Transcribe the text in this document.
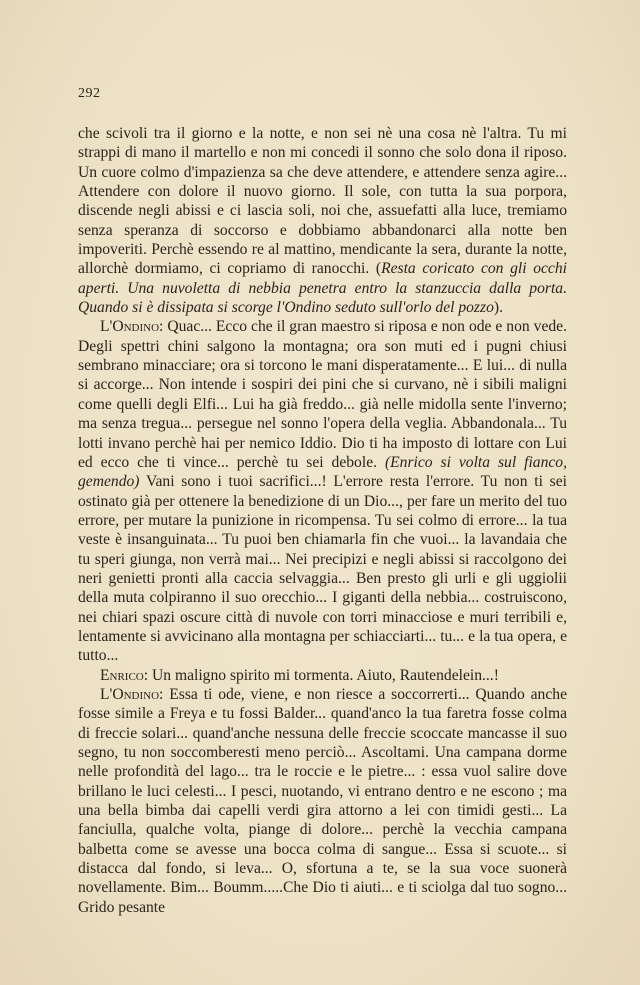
292

che scivoli tra il giorno e la notte, e non sei nè una cosa nè l'altra. Tu mi strappi di mano il martello e non mi concedi il sonno che solo dona il riposo. Un cuore colmo d'impazienza sa che deve attendere, e attendere senza agire... Attendere con dolore il nuovo giorno. Il sole, con tutta la sua porpora, discende negli abissi e ci lascia soli, noi che, assuefatti alla luce, tremiamo senza speranza di soccorso e dobbiamo abbandonarci alla notte ben impoveriti. Perchè essendo re al mattino, mendicante la sera, durante la notte, allorchè dormiamo, ci copriamo di ranocchi. (Resta coricato con gli occhi aperti. Una nuvoletta di nebbia penetra entro la stanzuccia dalla porta. Quando si è dissipata si scorge l'Ondino seduto sull'orlo del pozzo).

L'Ondino: Quac... Ecco che il gran maestro si riposa e non ode e non vede. Degli spettri chini salgono la montagna; ora son muti ed i pugni chiusi sembrano minacciare; ora si torcono le mani disperatamente... E lui... di nulla si accorge... Non intende i sospiri dei pini che si curvano, nè i sibili maligni come quelli degli Elfi... Lui ha già freddo... già nelle midolla sente l'inverno; ma senza tregua... persegue nel sonno l'opera della veglia. Abbandonala... Tu lotti invano perchè hai per nemico Iddio. Dio ti ha imposto di lottare con Lui ed ecco che ti vince... perchè tu sei debole. (Enrico si volta sul fianco, gemendo) Vani sono i tuoi sacrifici...! L'errore resta l'errore. Tu non ti sei ostinato già per ottenere la benedizione di un Dio..., per fare un merito del tuo errore, per mutare la punizione in ricompensa. Tu sei colmo di errore... la tua veste è insanguinata... Tu puoi ben chiamarla fin che vuoi... la lavandaia che tu speri giunga, non verrà mai... Nei precipizi e negli abissi si raccolgono dei neri genietti pronti alla caccia selvaggia... Ben presto gli urli e gli uggiolii della muta colpiranno il suo orecchio... I giganti della nebbia... costruiscono, nei chiari spazi oscure città di nuvole con torri minacciose e muri terribili e, lentamente si avvicinano alla montagna per schiacciarti... tu... e la tua opera, e tutto...

Enrico: Un maligno spirito mi tormenta. Aiuto, Rautendelein...!

L'Ondino: Essa ti ode, viene, e non riesce a soccorrerti... Quando anche fosse simile a Freya e tu fossi Balder... quand'anco la tua faretra fosse colma di freccie solari... quand'anche nessuna delle freccie scoccate mancasse il suo segno, tu non soccomberesti meno perciò... Ascoltami. Una campana dorme nelle profondità del lago... tra le roccie e le pietre... : essa vuol salire dove brillano le luci celesti... I pesci, nuotando, vi entrano dentro e ne escono ; ma una bella bimba dai capelli verdi gira attorno a lei con timidi gesti... La fanciulla, qualche volta, piange di dolore... perchè la vecchia campana balbetta come se avesse una bocca colma di sangue... Essa si scuote... si distacca dal fondo, si leva... O, sfortuna a te, se la sua voce suonerà novellamente. Bim... Boumm.....Che Dio ti aiuti... e ti sciolga dal tuo sogno... Grido pesante
